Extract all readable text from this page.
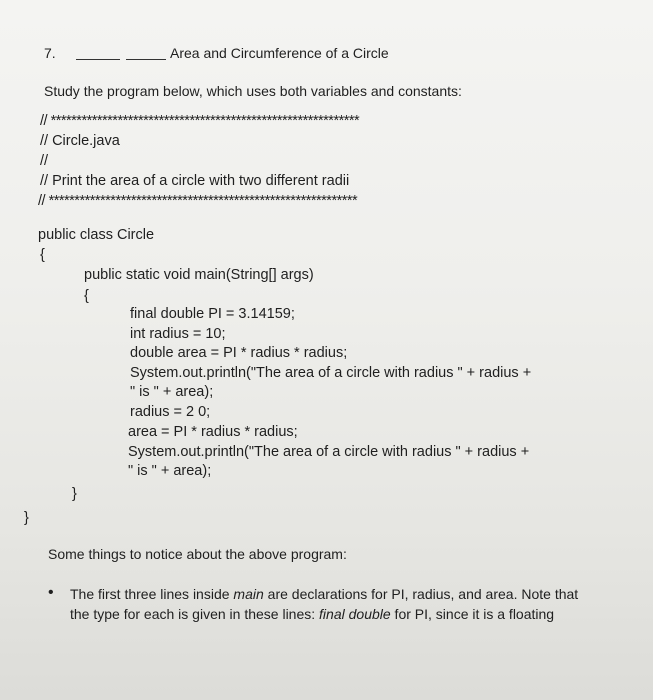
7.	Area and Circumference of a Circle
Study the program below, which uses both variables and constants:
// ************************************************************
// Circle.java
//
// Print the area of a circle with two different radii
// ************************************************************
public class Circle
{
public static void main(String[] args)
{
final double PI = 3.14159;
int radius = 10;
double area = PI * radius * radius;
System.out.println("The area of a circle with radius " + radius +
" is " + area);
radius = 2 0;
area = PI * radius * radius;
System.out.println("The area of a circle with radius " + radius +
" is " + area);
}
}
Some things to notice about the above program:
• The first three lines inside main are declarations for PI, radius, and area. Note that
the type for each is given in these lines: final double for PI, since it is a floating
